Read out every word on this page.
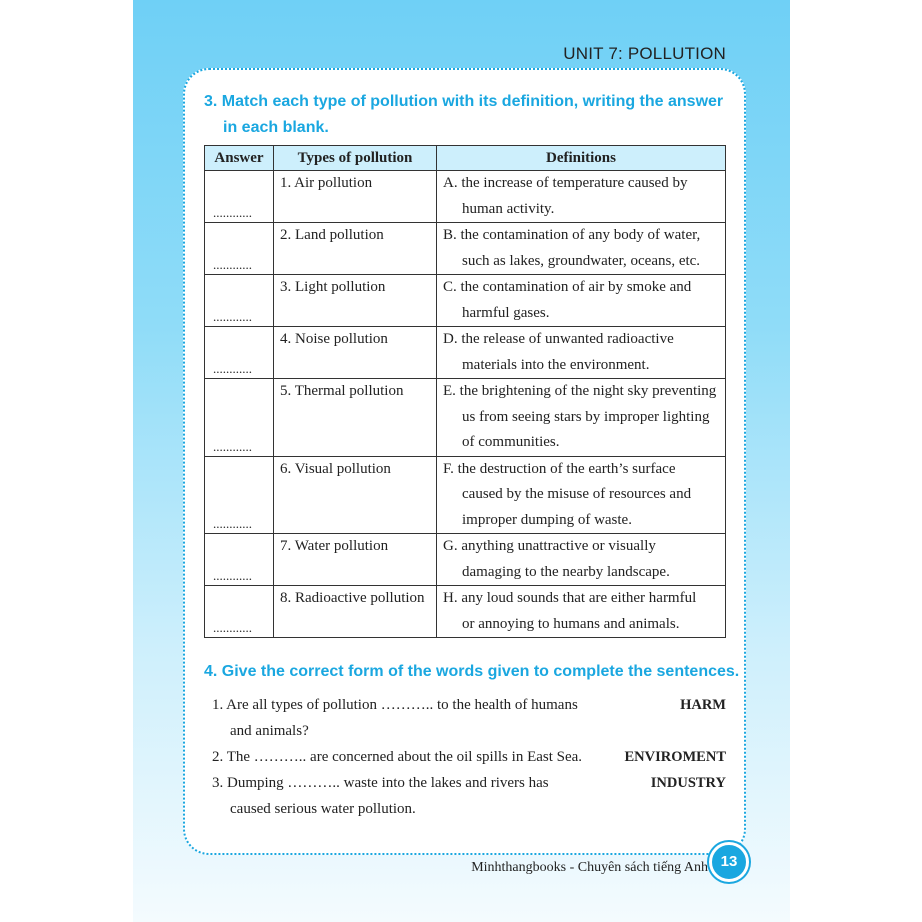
UNIT 7: POLLUTION
3. Match each type of pollution with its definition, writing the answer
in each blank.
Answer	Types of pollution	Definitions

............	1. Air pollution	A. the increase of temperature caused by
human activity.

............	2. Land pollution	B. the contamination of any body of water,
such as lakes, groundwater, oceans, etc.

............	3. Light pollution	C. the contamination of air by smoke and
harmful gases.

............	4. Noise pollution	D. the release of unwanted radioactive
materials into the environment.

............	5. Thermal pollution	E. the brightening of the night sky preventing
us from seeing stars by improper lighting
of communities.

............	6. Visual pollution	F. the destruction of the earth’s surface
caused by the misuse of resources and
improper dumping of waste.

............	7. Water pollution	G. anything unattractive or visually
damaging to the nearby landscape.

............	8. Radioactive pollution	H. any loud sounds that are either harmful
or annoying to humans and animals.
4. Give the correct form of the words given to complete the sentences.
1. Are all types of pollution ……….. to the health of humans
and animals?
HARM
2. The ……….. are concerned about the oil spills in East Sea.	ENVIROMENT
3. Dumping ……….. waste into the lakes and rivers has
caused serious water pollution.
INDUSTRY
Minhthangbooks - Chuyên sách tiếng Anh 13
